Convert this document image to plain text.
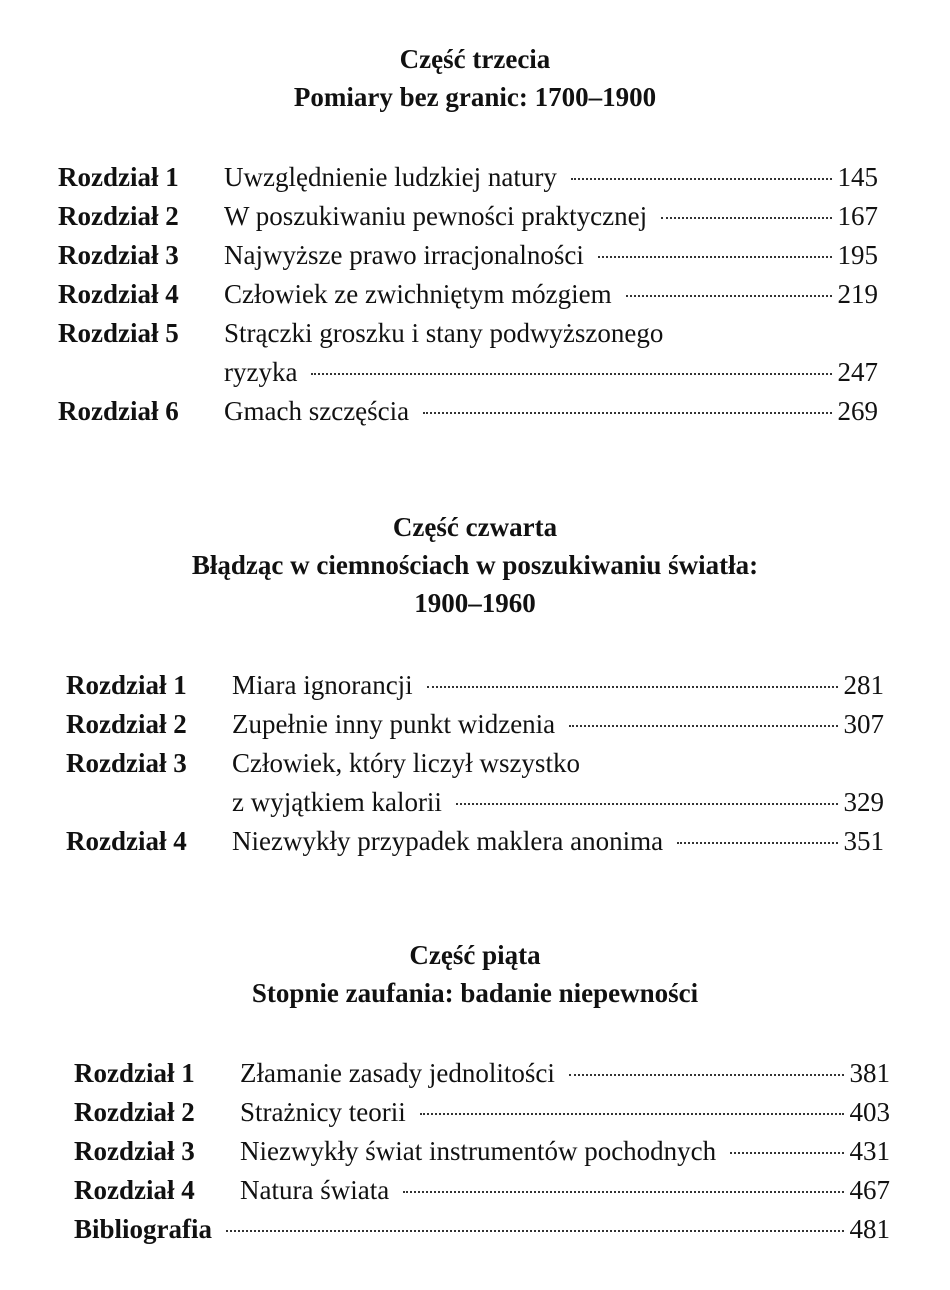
Część trzecia
Pomiary bez granic: 1700–1900
Rozdział 1 Uwzględnienie ludzkiej natury	145
Rozdział 2 W poszukiwaniu pewności praktycznej	167
Rozdział 3 Najwyższe prawo irracjonalności	195
Rozdział 4 Człowiek ze zwichniętym mózgiem	219
Rozdział 5 Strączki groszku i stany podwyższonego
ryzyka	247
Rozdział 6 Gmach szczęścia	269
Część czwarta
Błądząc w ciemnościach w poszukiwaniu światła:
1900–1960
Rozdział 1 Miara ignorancji	281
Rozdział 2 Zupełnie inny punkt widzenia	307
Rozdział 3 Człowiek, który liczył wszystko
z wyjątkiem kalorii	329
Rozdział 4 Niezwykły przypadek maklera anonima	351
Część piąta
Stopnie zaufania: badanie niepewności
Rozdział 1 Złamanie zasady jednolitości	381
Rozdział 2 Strażnicy teorii	403
Rozdział 3 Niezwykły świat instrumentów pochodnych	431
Rozdział 4 Natura świata	467
Bibliografia	481
